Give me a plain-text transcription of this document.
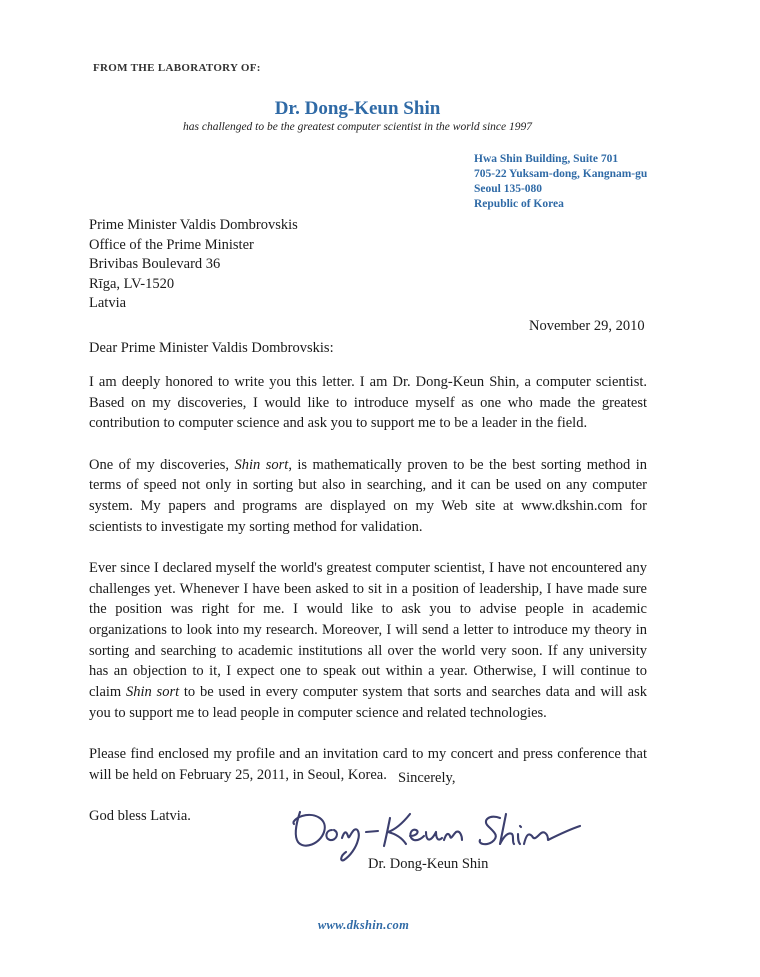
FROM THE LABORATORY OF:
Dr. Dong-Keun Shin
has challenged to be the greatest computer scientist in the world since 1997
Hwa Shin Building, Suite 701
705-22 Yuksam-dong, Kangnam-gu
Seoul 135-080
Republic of Korea
Prime Minister Valdis Dombrovskis
Office of the Prime Minister
Brivibas Boulevard 36
Rīga, LV-1520
Latvia
November 29, 2010
Dear Prime Minister Valdis Dombrovskis:

I am deeply honored to write you this letter. I am Dr. Dong-Keun Shin, a computer scientist. Based on my discoveries, I would like to introduce myself as one who made the greatest contribution to computer science and ask you to support me to be a leader in the field.

One of my discoveries, Shin sort, is mathematically proven to be the best sorting method in terms of speed not only in sorting but also in searching, and it can be used on any computer system. My papers and programs are displayed on my Web site at www.dkshin.com for scientists to investigate my sorting method for validation.

Ever since I declared myself the world's greatest computer scientist, I have not encountered any challenges yet. Whenever I have been asked to sit in a position of leadership, I have made sure the position was right for me. I would like to ask you to advise people in academic organizations to look into my research. Moreover, I will send a letter to introduce my theory in sorting and searching to academic institutions all over the world very soon. If any university has an objection to it, I expect one to speak out within a year. Otherwise, I will continue to claim Shin sort to be used in every computer system that sorts and searches data and will ask you to support me to lead people in computer science and related technologies.

Please find enclosed my profile and an invitation card to my concert and press conference that will be held on February 25, 2011, in Seoul, Korea.

God bless Latvia.

Sincerely,
Dr. Dong-Keun Shin
www.dkshin.com
